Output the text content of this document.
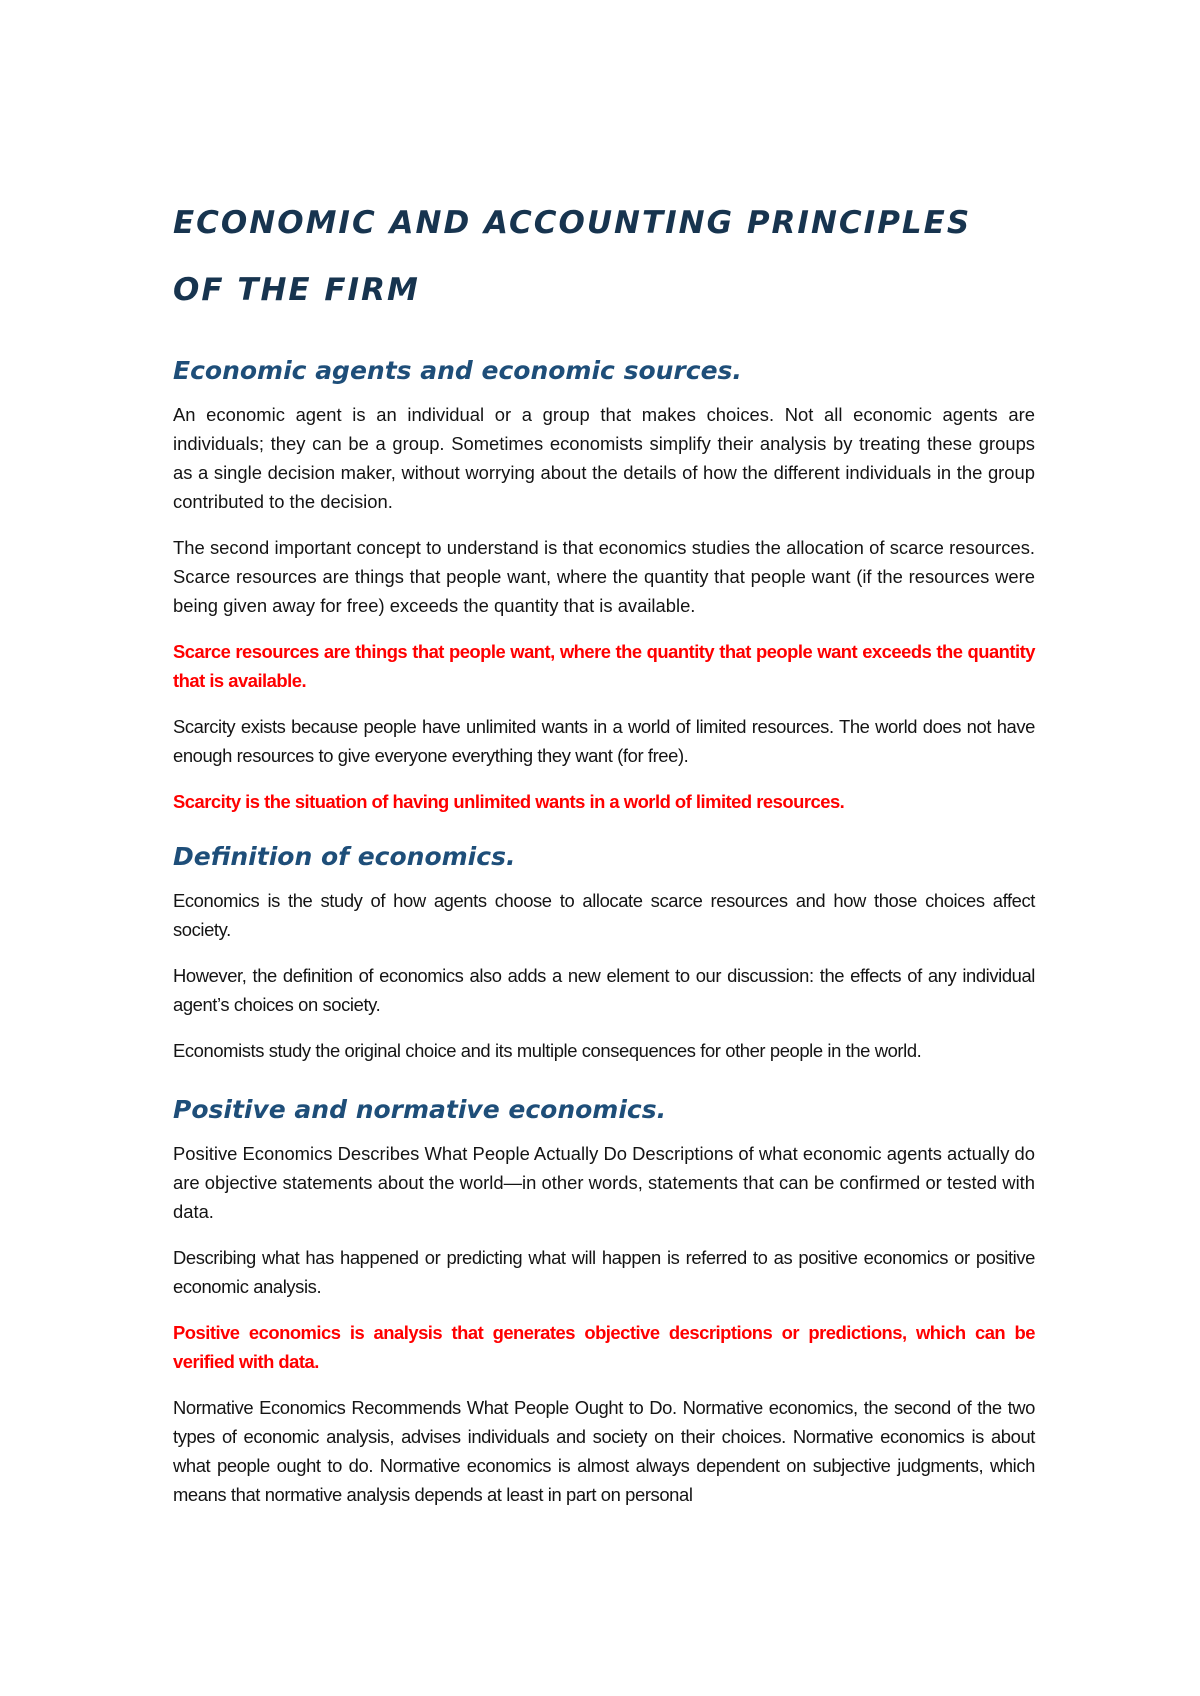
ECONOMIC AND ACCOUNTING PRINCIPLES OF THE FIRM
Economic agents and economic sources.

An economic agent is an individual or a group that makes choices. Not all economic agents are individuals; they can be a group. Sometimes economists simplify their analysis by treating these groups as a single decision maker, without worrying about the details of how the different individuals in the group contributed to the decision.

The second important concept to understand is that economics studies the allocation of scarce resources. Scarce resources are things that people want, where the quantity that people want (if the resources were being given away for free) exceeds the quantity that is available.

Scarce resources are things that people want, where the quantity that people want exceeds the quantity that is available.

Scarcity exists because people have unlimited wants in a world of limited resources. The world does not have enough resources to give everyone everything they want (for free).

Scarcity is the situation of having unlimited wants in a world of limited resources.

Definition of economics.

Economics is the study of how agents choose to allocate scarce resources and how those choices affect society.

However, the definition of economics also adds a new element to our discussion: the effects of any individual agent’s choices on society.

Economists study the original choice and its multiple consequences for other people in the world.

Positive and normative economics.

Positive Economics Describes What People Actually Do Descriptions of what economic agents actually do are objective statements about the world—in other words, statements that can be confirmed or tested with data.

Describing what has happened or predicting what will happen is referred to as positive economics or positive economic analysis.

Positive economics is analysis that generates objective descriptions or predictions, which can be verified with data.

Normative Economics Recommends What People Ought to Do. Normative economics, the second of the two types of economic analysis, advises individuals and society on their choices. Normative economics is about what people ought to do. Normative economics is almost always dependent on subjective judgments, which means that normative analysis depends at least in part on personal
